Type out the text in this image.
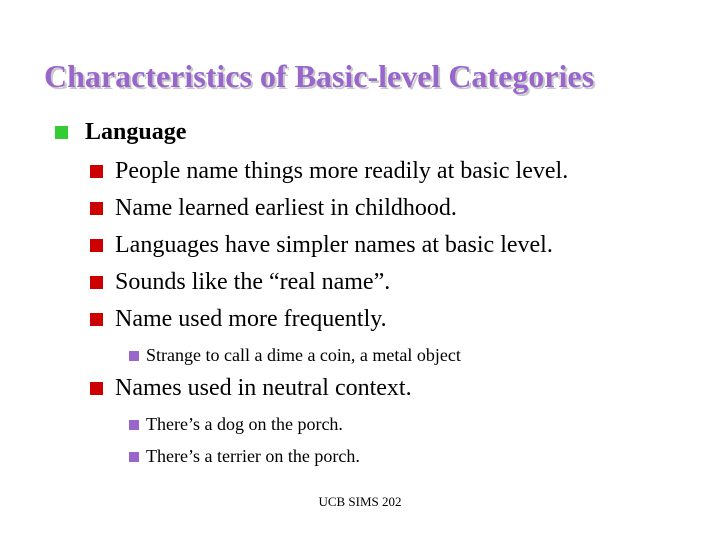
Characteristics of Basic-level Categories
Language
People name things more readily at basic level.
Name learned earliest in childhood.
Languages have simpler names at basic level.
Sounds like the “real name”.
Name used more frequently.
Strange to call a dime a coin, a metal object
Names used in neutral context.
There’s a dog on the porch.
There’s a terrier on the porch.
UCB SIMS 202
